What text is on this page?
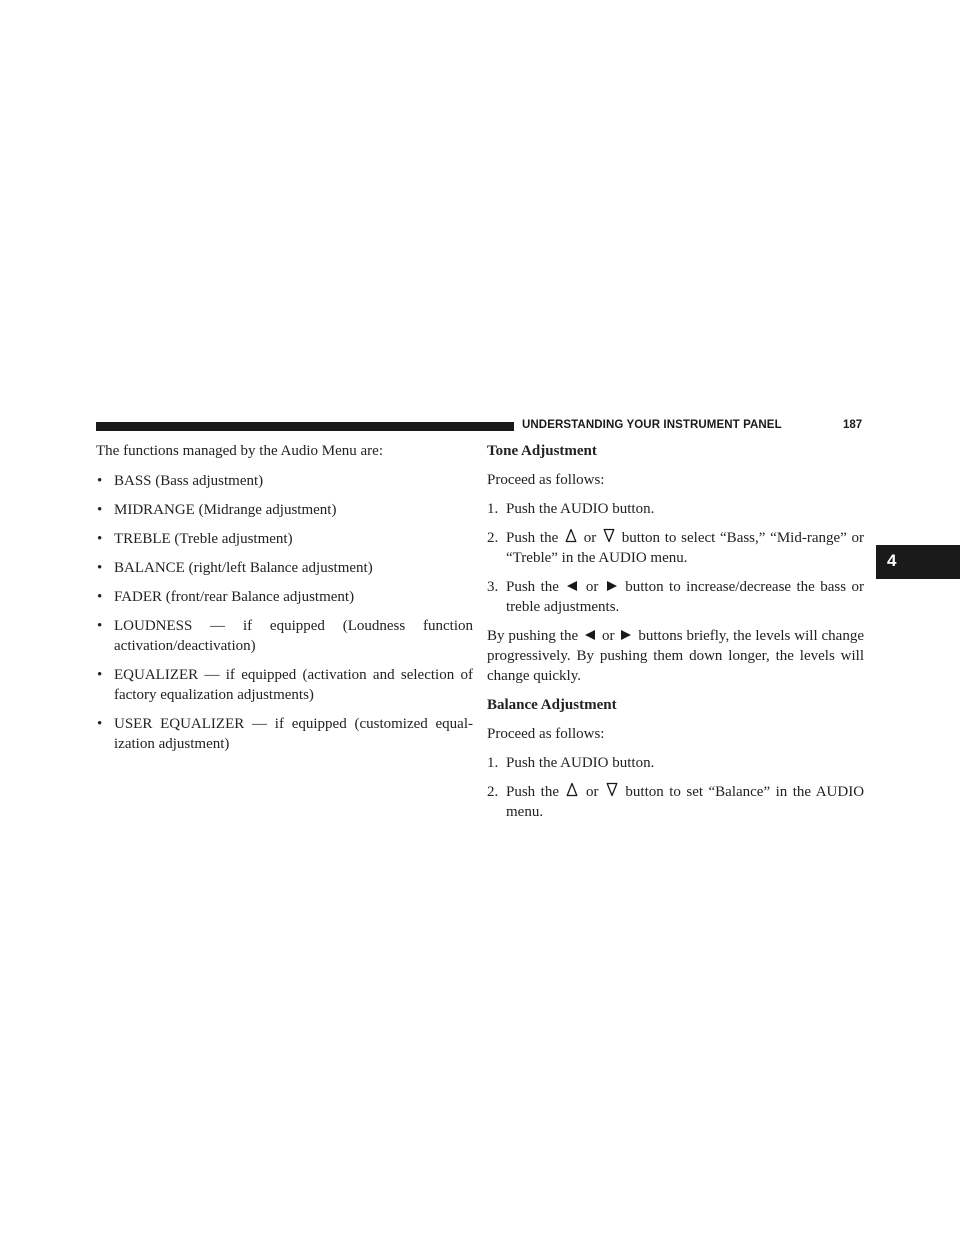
UNDERSTANDING YOUR INSTRUMENT PANEL	187
4

The functions managed by the Audio Menu are:

• BASS (Bass adjustment)

• MIDRANGE (Midrange adjustment)

• TREBLE (Treble adjustment)

• BALANCE (right/left Balance adjustment)

• FADER (front/rear Balance adjustment)

• LOUDNESS — if equipped (Loudness function activation/deactivation)

• EQUALIZER — if equipped (activation and selection of factory equalization adjustments)

• USER EQUALIZER — if equipped (customized equal-ization adjustment)

Tone Adjustment

Proceed as follows:

1. Push the AUDIO button.

2. Push the or button to select “Bass,” “Mid-range” or “Treble” in the AUDIO menu.

3. Push the or button to increase/decrease the bass or treble adjustments.

By pushing the or buttons briefly, the levels will change progressively. By pushing them down longer, the levels will change quickly.

Balance Adjustment

Proceed as follows:

1. Push the AUDIO button.

2. Push the or button to set “Balance” in the AUDIO menu.
